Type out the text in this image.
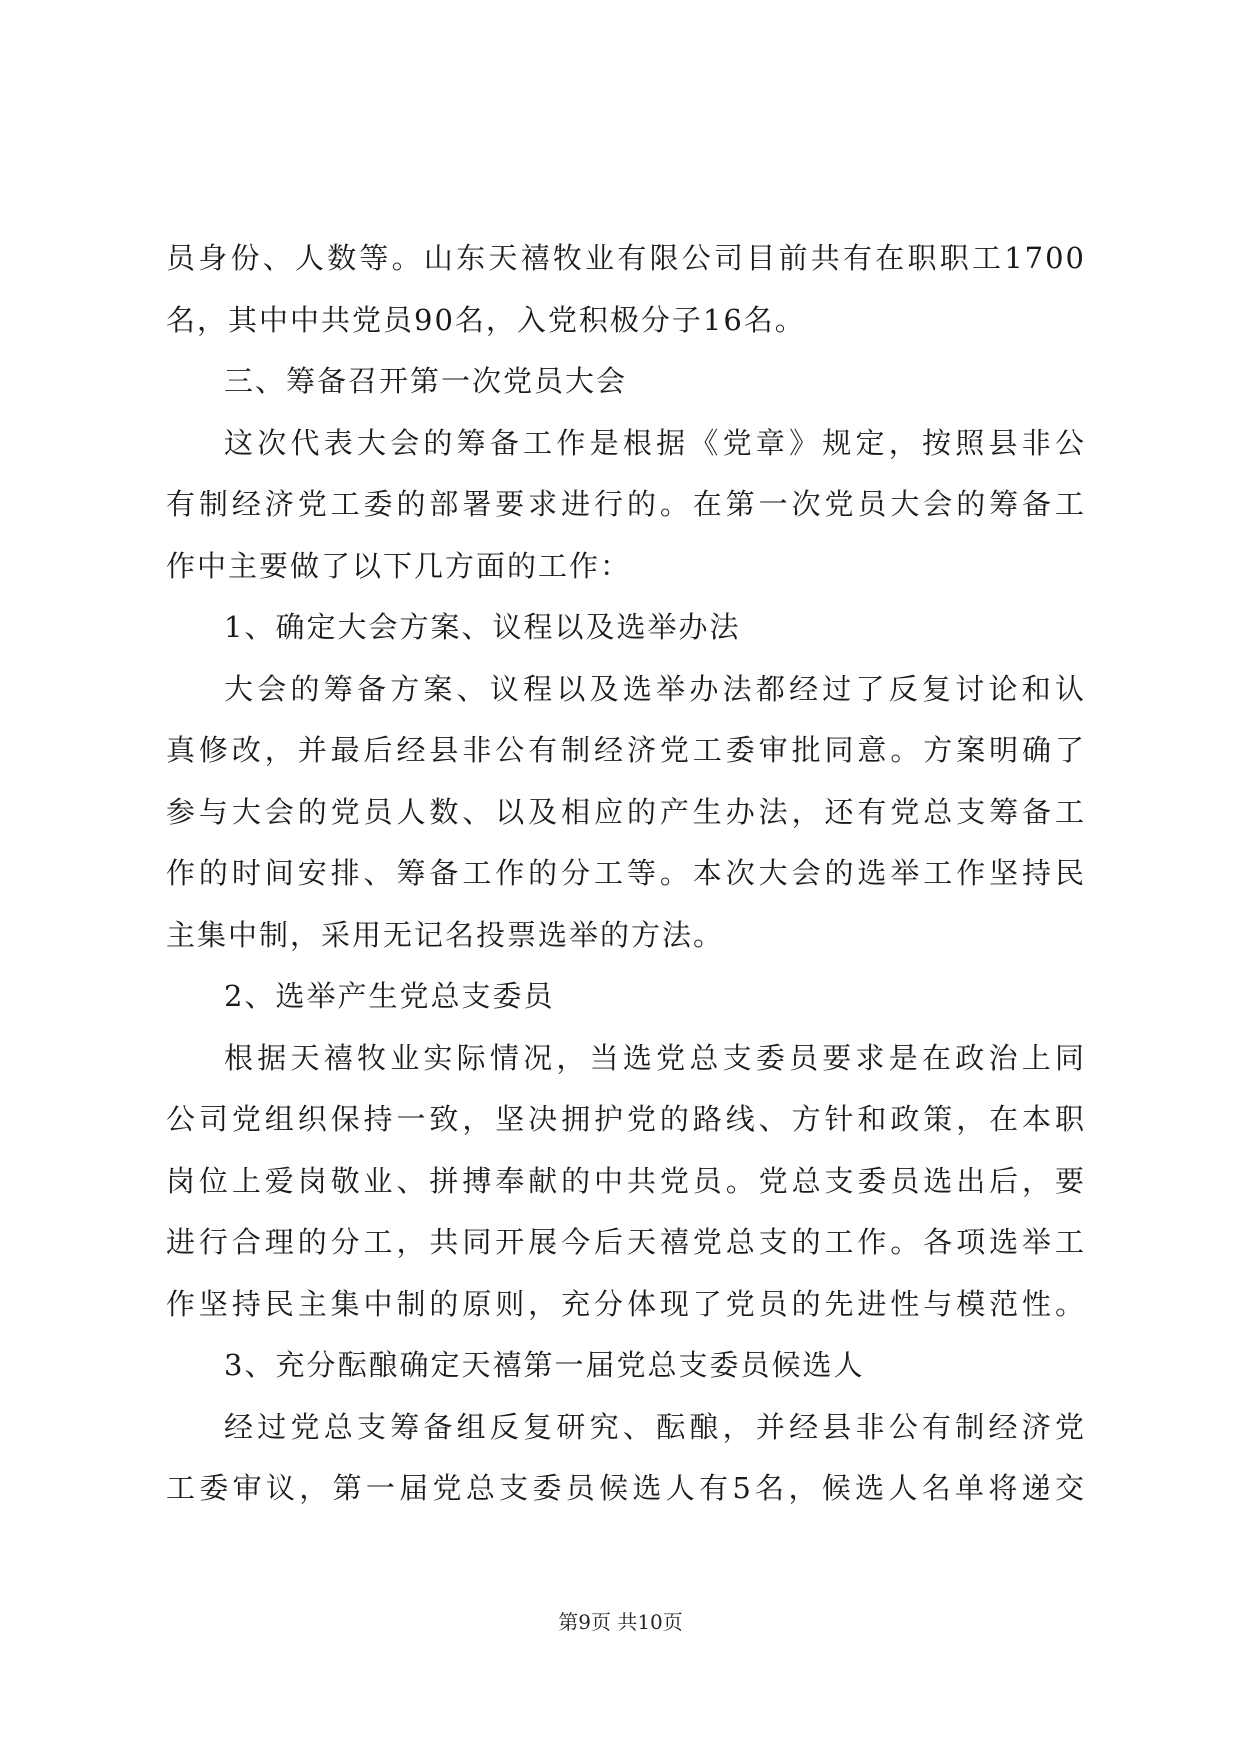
员身份、人数等。山东天禧牧业有限公司目前共有在职职工1700
名，其中中共党员90名，入党积极分子16名。
三、筹备召开第一次党员大会
这次代表大会的筹备工作是根据《党章》规定，按照县非公
有制经济党工委的部署要求进行的。在第一次党员大会的筹备工
作中主要做了以下几方面的工作：
1、确定大会方案、议程以及选举办法
大会的筹备方案、议程以及选举办法都经过了反复讨论和认
真修改，并最后经县非公有制经济党工委审批同意。方案明确了
参与大会的党员人数、以及相应的产生办法，还有党总支筹备工
作的时间安排、筹备工作的分工等。本次大会的选举工作坚持民
主集中制，采用无记名投票选举的方法。
2、选举产生党总支委员
根据天禧牧业实际情况，当选党总支委员要求是在政治上同
公司党组织保持一致，坚决拥护党的路线、方针和政策，在本职
岗位上爱岗敬业、拼搏奉献的中共党员。党总支委员选出后，要
进行合理的分工，共同开展今后天禧党总支的工作。各项选举工
作坚持民主集中制的原则，充分体现了党员的先进性与模范性。
3、充分酝酿确定天禧第一届党总支委员候选人
经过党总支筹备组反复研究、酝酿，并经县非公有制经济党
工委审议，第一届党总支委员候选人有5名，候选人名单将递交
第9页 共10页
